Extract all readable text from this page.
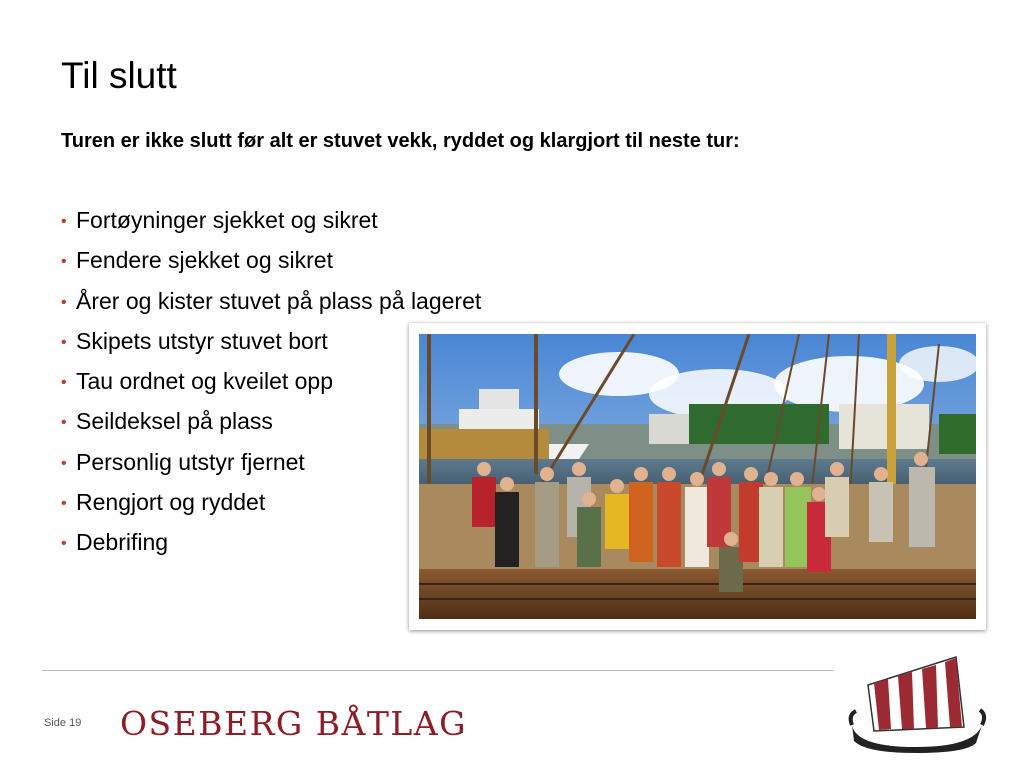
Til slutt

Turen er ikke slutt før alt er stuvet vekk, ryddet og klargjort til neste tur:

• Fortøyninger sjekket og sikret
• Fendere sjekket og sikret
• Årer og kister stuvet på plass på lageret
• Skipets utstyr stuvet bort
• Tau ordnet og kveilet opp
• Seildeksel på plass
• Personlig utstyr fjernet
• Rengjort og ryddet
• Debrifing
Side 19 OSEBERG BÅTLAG
